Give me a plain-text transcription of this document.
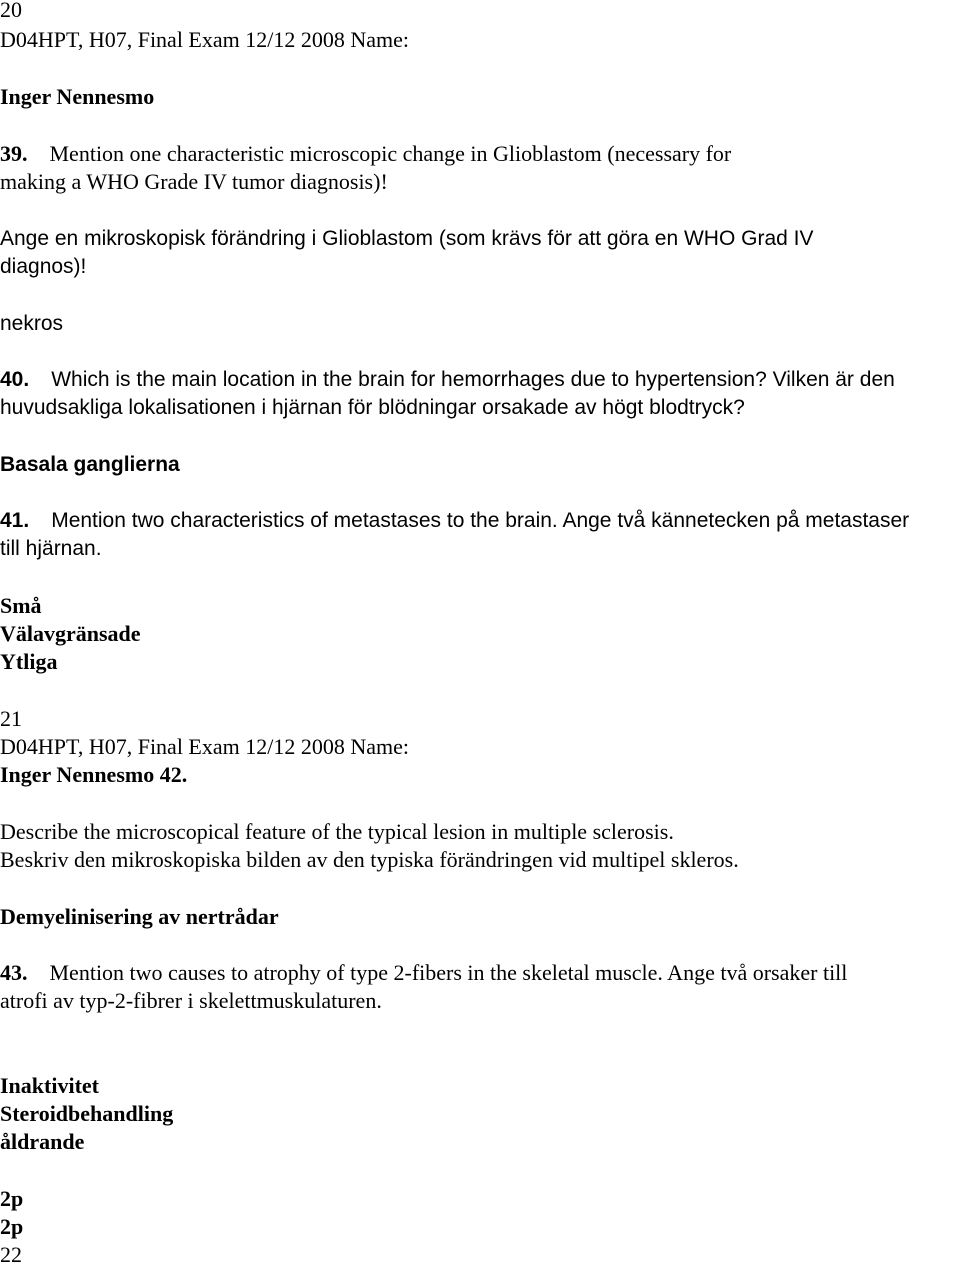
20
D04HPT, H07, Final Exam 12/12 2008 Name:
Inger Nennesmo
39. Mention one characteristic microscopic change in Glioblastom (necessary for
making a WHO Grade IV tumor diagnosis)!
Ange en mikroskopisk förändring i Glioblastom (som krävs för att göra en WHO Grad IV
diagnos)!
nekros
40. Which is the main location in the brain for hemorrhages due to hypertension? Vilken är den
huvudsakliga lokalisationen i hjärnan för blödningar orsakade av högt blodtryck?
Basala ganglierna
41. Mention two characteristics of metastases to the brain. Ange två kännetecken på metastaser
till hjärnan.
Små
Välavgränsade
Ytliga
21
D04HPT, H07, Final Exam 12/12 2008 Name:
Inger Nennesmo 42.
Describe the microscopical feature of the typical lesion in multiple sclerosis.
Beskriv den mikroskopiska bilden av den typiska förändringen vid multipel skleros.
Demyelinisering av nertrådar
43. Mention two causes to atrophy of type 2-fibers in the skeletal muscle. Ange två orsaker till
atrofi av typ-2-fibrer i skelettmuskulaturen.
Inaktivitet
Steroidbehandling
åldrande
2p
2p
22
